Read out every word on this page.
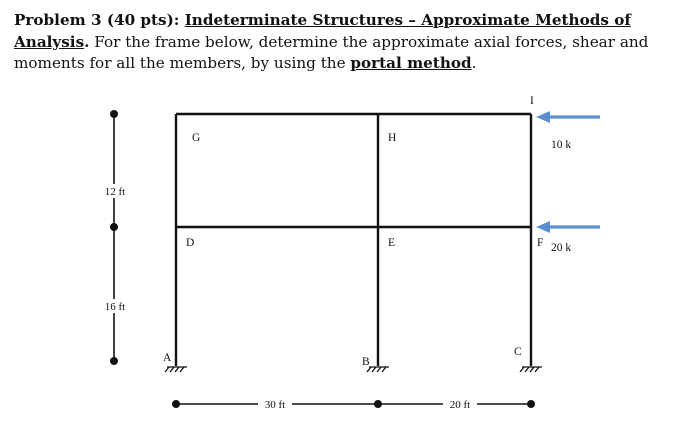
Problem 3 (40 pts): Indeterminate Structures – Approximate Methods of Analysis. For the frame below, determine the approximate axial forces, shear and moments for all the members, by using the portal method.
12 ft
16 ft
G	H
I
D	E	F
A	B
C
10 k
20 k
30 ft	20 ft
